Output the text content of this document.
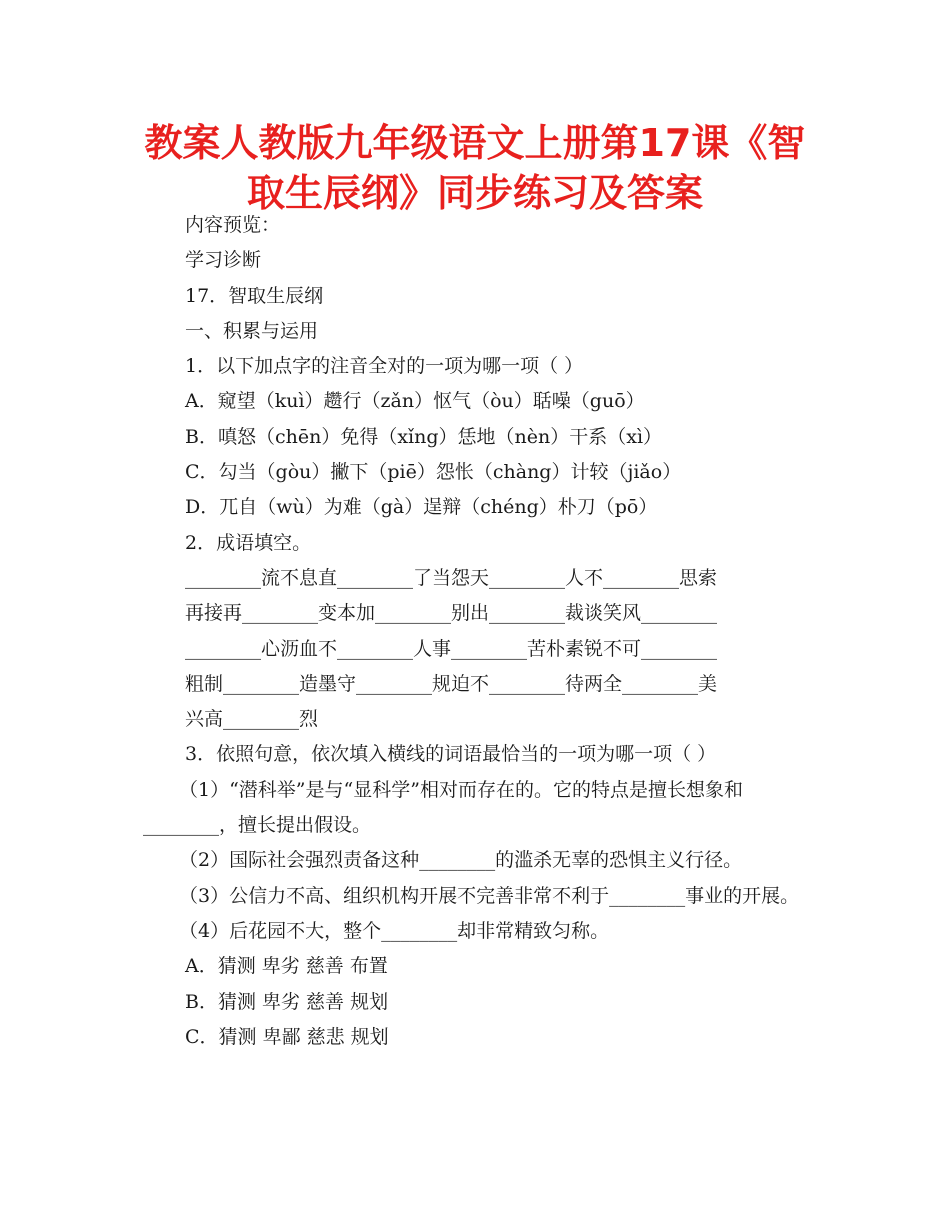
教案人教版九年级语文上册第17课《智取生辰纲》同步练习及答案
内容预览：
学习诊断
17．智取生辰纲
一、积累与运用
1．以下加点字的注音全对的一项为哪一项（ ）
A．窥望（kuì）趱行（zǎn）怄气（òu）聒噪（guō）
B．嗔怒（chēn）免得（xǐng）恁地（nèn）干系（xì）
C．勾当（gòu）撇下（piē）怨怅（chàng）计较（jiǎo）
D．兀自（wù）为难（gà）逞辩（chéng）朴刀（pō）
2．成语填空。
________流不息直________了当怨天________人不________思索
再接再________变本加________别出________裁谈笑风________
________心沥血不________人事________苦朴素锐不可________
粗制________造墨守________规迫不________待两全________美
兴高________烈
3．依照句意，依次填入横线的词语最恰当的一项为哪一项（ ）

（1）“潜科举”是与“显科学”相对而存在的。它的特点是擅长想象和________，擅长提出假设。

（2）国际社会强烈责备这种________的滥杀无辜的恐惧主义行径。

（3）公信力不高、组织机构开展不完善非常不利于________事业的开展。

（4）后花园不大，整个________却非常精致匀称。

A．猜测 卑劣 慈善 布置
B．猜测 卑劣 慈善 规划
C．猜测 卑鄙 慈悲 规划
